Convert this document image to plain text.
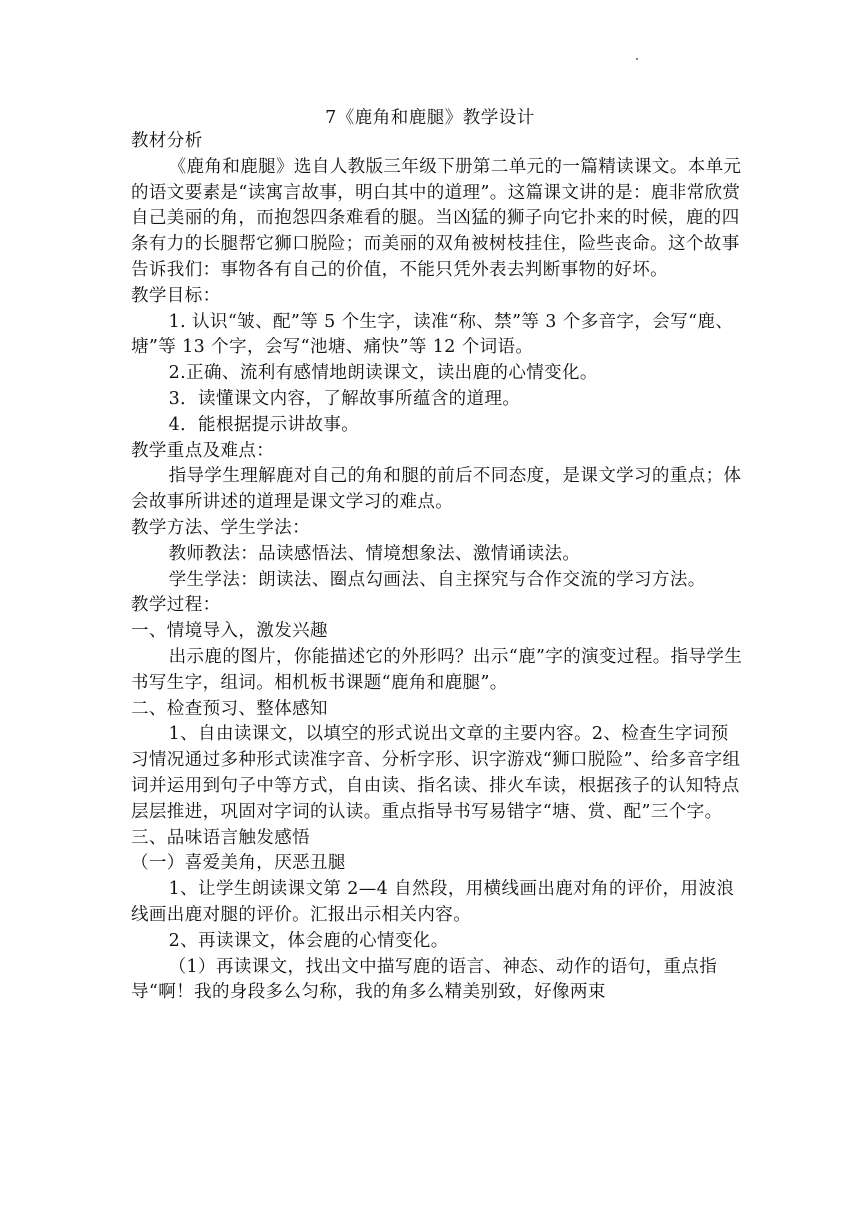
7《鹿角和鹿腿》教学设计

教材分析

《鹿角和鹿腿》选自人教版三年级下册第二单元的一篇精读课文。本单元的语文要素是“读寓言故事，明白其中的道理”。这篇课文讲的是：鹿非常欣赏自己美丽的角，而抱怨四条难看的腿。当凶猛的狮子向它扑来的时候，鹿的四条有力的长腿帮它狮口脱险；而美丽的双角被树枝挂住，险些丧命。这个故事告诉我们：事物各有自己的价值，不能只凭外表去判断事物的好坏。

教学目标：

1. 认识“皱、配”等 5 个生字，读准“称、禁”等 3 个多音字，会写“鹿、塘”等 13 个字，会写“池塘、痛快”等 12 个词语。

2.正确、流利有感情地朗读课文，读出鹿的心情变化。

3．读懂课文内容，了解故事所蕴含的道理。

4．能根据提示讲故事。

教学重点及难点：

指导学生理解鹿对自己的角和腿的前后不同态度，是课文学习的重点；体会故事所讲述的道理是课文学习的难点。

教学方法、学生学法：

教师教法：品读感悟法、情境想象法、激情诵读法。

学生学法：朗读法、圈点勾画法、自主探究与合作交流的学习方法。

教学过程：

一、情境导入，激发兴趣

出示鹿的图片，你能描述它的外形吗？出示“鹿”字的演变过程。指导学生书写生字，组词。相机板书课题“鹿角和鹿腿”。

二、检查预习、整体感知

1、自由读课文，以填空的形式说出文章的主要内容。2、检查生字词预习情况通过多种形式读准字音、分析字形、识字游戏“狮口脱险”、给多音字组词并运用到句子中等方式，自由读、指名读、排火车读，根据孩子的认知特点层层推进，巩固对字词的认读。重点指导书写易错字“塘、赏、配”三个字。

三、品味语言触发感悟

（一）喜爱美角，厌恶丑腿

1、让学生朗读课文第 2—4 自然段，用横线画出鹿对角的评价，用波浪线画出鹿对腿的评价。汇报出示相关内容。

2、再读课文，体会鹿的心情变化。

（1）再读课文，找出文中描写鹿的语言、神态、动作的语句，重点指导“啊！我的身段多么匀称，我的角多么精美别致，好像两束
